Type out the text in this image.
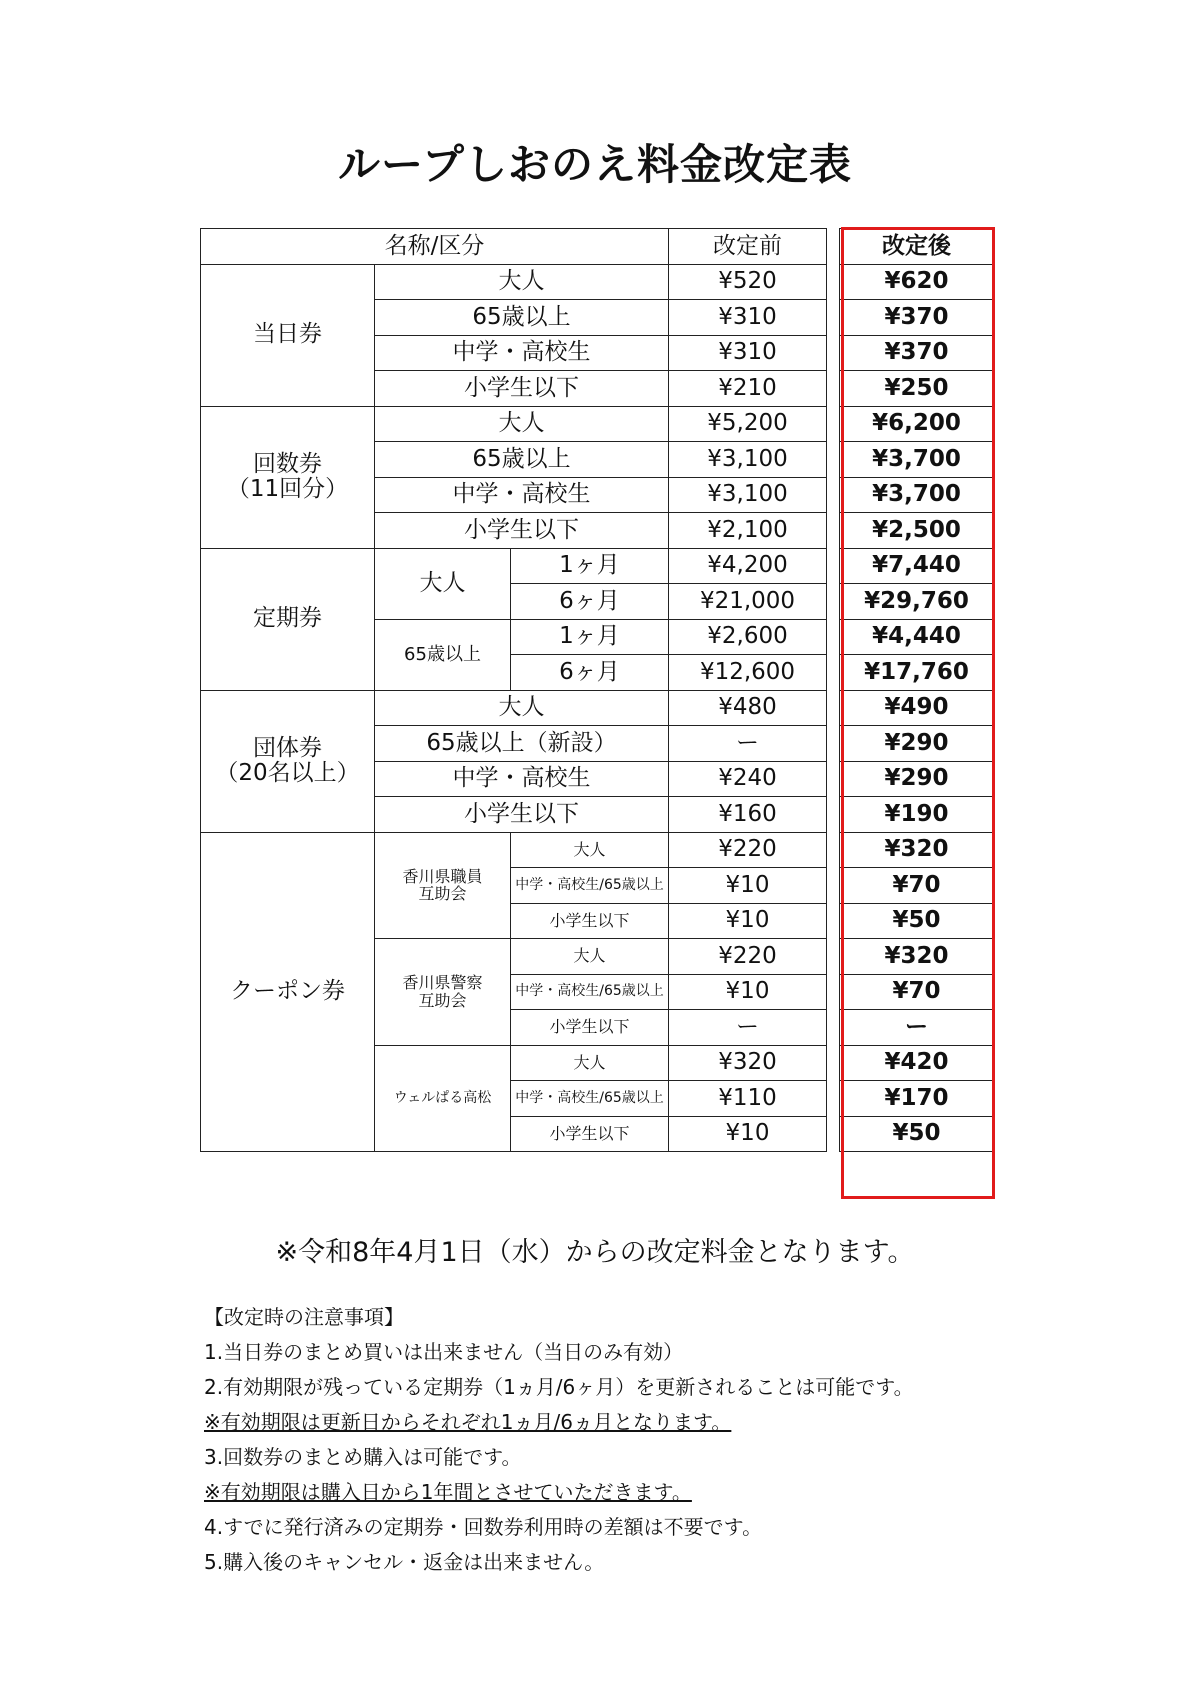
ループしおのえ料金改定表
名称/区分			改定前		改定後
当日券	大人		¥520		¥620
	65歳以上		¥310		¥370
	中学・高校生		¥310		¥370
	小学生以下		¥210		¥250

回数券
（11回分）	大人		¥5,200		¥6,200
	65歳以上		¥3,100		¥3,700
	中学・高校生		¥3,100		¥3,700
	小学生以下		¥2,100		¥2,500
定期券	大人	1ヶ月	¥4,200		¥7,440
		6ヶ月	¥21,000		¥29,760
	65歳以上	1ヶ月	¥2,600		¥4,440
		6ヶ月	¥12,600		¥17,760

団体券
（20名以上）	大人		¥480		¥490
	65歳以上（新設）		ー		¥290
	中学・高校生		¥240		¥290
	小学生以下		¥160		¥190
クーポン券	香川県職員
互助会	大人	¥220		¥320
		中学・高校生/65歳以上	¥10		¥70
		小学生以下	¥10		¥50

	香川県警察
互助会	大人	¥220		¥320
		中学・高校生/65歳以上	¥10		¥70
		小学生以下	ー		ー

	ウェルぱる高松	大人	¥320		¥420
		中学・高校生/65歳以上	¥110		¥170
		小学生以下	¥10		¥50
※令和8年4月1日（水）からの改定料金となります。
【改定時の注意事項】
1.当日券のまとめ買いは出来ません（当日のみ有効）
2.有効期限が残っている定期券（1ヵ月/6ヶ月）を更新されることは可能です。
※有効期限は更新日からそれぞれ1ヵ月/6ヵ月となります。
3.回数券のまとめ購入は可能です。
※有効期限は購入日から1年間とさせていただきます。
4.すでに発行済みの定期券・回数券利用時の差額は不要です。
5.購入後のキャンセル・返金は出来ません。
